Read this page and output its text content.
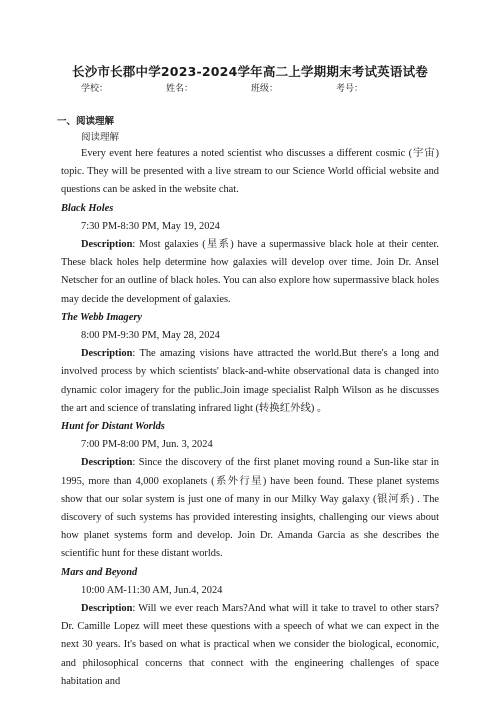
长沙市长郡中学2023-2024学年高二上学期期末考试英语试卷
学校：	姓名：	班级：	考号：
一、阅读理解
阅读理解

Every event here features a noted scientist who discusses a different cosmic (宇宙) topic. They will be presented with a live stream to our Science World official website and questions can be asked in the website chat.

Black Holes

7:30 PM-8:30 PM, May 19, 2024

Description: Most galaxies (星系) have a supermassive black hole at their center. These black holes help determine how galaxies will develop over time. Join Dr. Ansel Netscher for an outline of black holes. You can also explore how supermassive black holes may decide the development of galaxies.

The Webb Imagery

8:00 PM-9:30 PM, May 28, 2024

Description: The amazing visions have attracted the world.But there's a long and involved process by which scientists' black-and-white observational data is changed into dynamic color imagery for the public.Join image specialist Ralph Wilson as he discusses the art and science of translating infrared light (转换红外线) 。

Hunt for Distant Worlds

7:00 PM-8:00 PM, Jun. 3, 2024

Description: Since the discovery of the first planet moving round a Sun-like star in 1995, more than 4,000 exoplanets (系外行星) have been found. These planet systems show that our solar system is just one of many in our Milky Way galaxy (银河系) . The discovery of such systems has provided interesting insights, challenging our views about how planet systems form and develop. Join Dr. Amanda Garcia as she describes the scientific hunt for these distant worlds.

Mars and Beyond

10:00 AM-11:30 AM, Jun.4, 2024

Description: Will we ever reach Mars?And what will it take to travel to other stars?Dr. Camille Lopez will meet these questions with a speech of what we can expect in the next 30 years. It's based on what is practical when we consider the biological, economic, and philosophical concerns that connect with the engineering challenges of space habitation and
